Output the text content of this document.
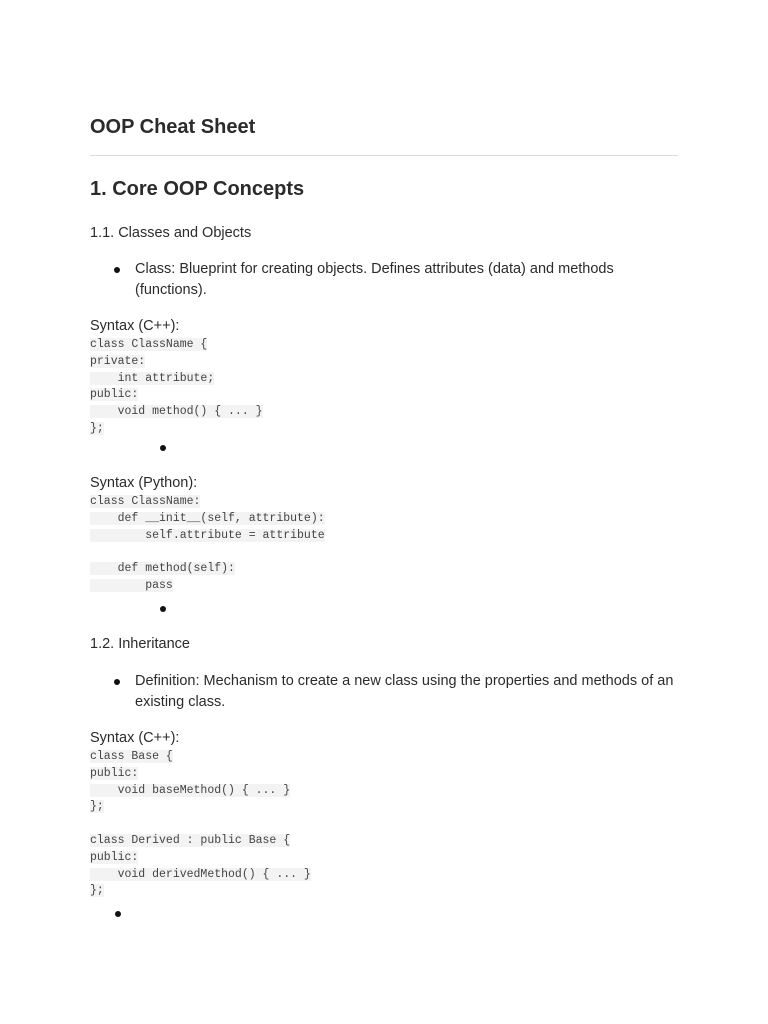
OOP Cheat Sheet
1. Core OOP Concepts
1.1. Classes and Objects
Class: Blueprint for creating objects. Defines attributes (data) and methods (functions).
Syntax (C++):
class ClassName {
private:
int attribute;
public:
void method() { ... }
};
Syntax (Python):
class ClassName:
def __init__(self, attribute):
self.attribute = attribute
def method(self):
pass
1.2. Inheritance
Definition: Mechanism to create a new class using the properties and methods of an existing class.
Syntax (C++):
class Base {
public:
void baseMethod() { ... }
};
class Derived : public Base {
public:
void derivedMethod() { ... }
};
